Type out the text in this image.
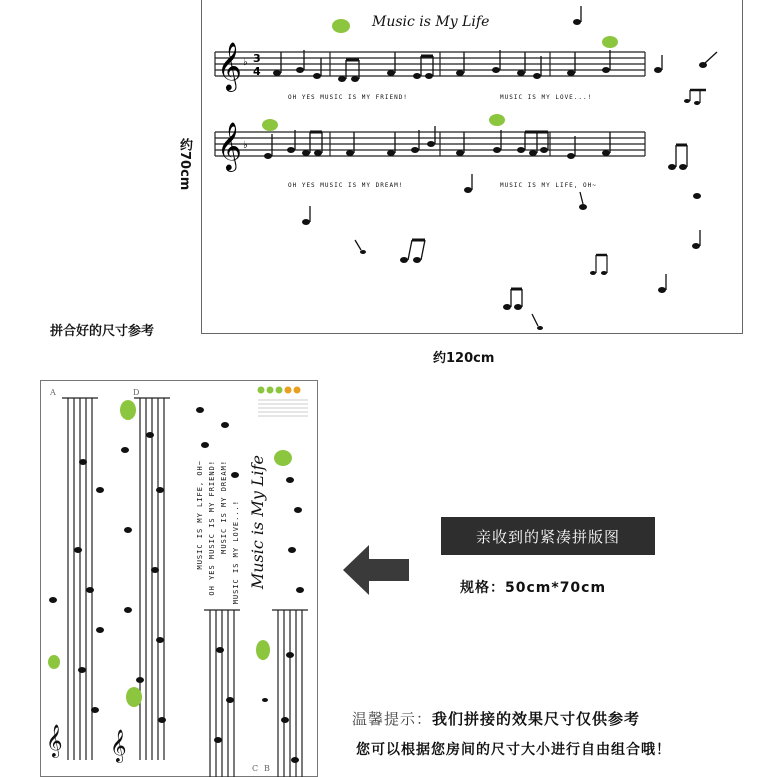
Music is My Life
𝄞 ♭ 3
4
𝄞 ♭
OH YES MUSIC IS MY FRIEND!	MUSIC IS MY LOVE...!
OH YES MUSIC IS MY DREAM!	MUSIC IS MY LIFE, OH~
约70cm
拼合好的尺寸参考
约120cm
𝄞 𝄞
A	D
C B
MUSIC IS MY LIFE, OH~ OH YES MUSIC IS MY FRIEND! MUSIC IS MY DREAM! MUSIC IS MY LOVE...! Music is My Life	亲收到的紧凑拼版图
规格：50cm*70cm
温馨提示：我们拼接的效果尺寸仅供参考
您可以根据您房间的尺寸大小进行自由组合哦！
